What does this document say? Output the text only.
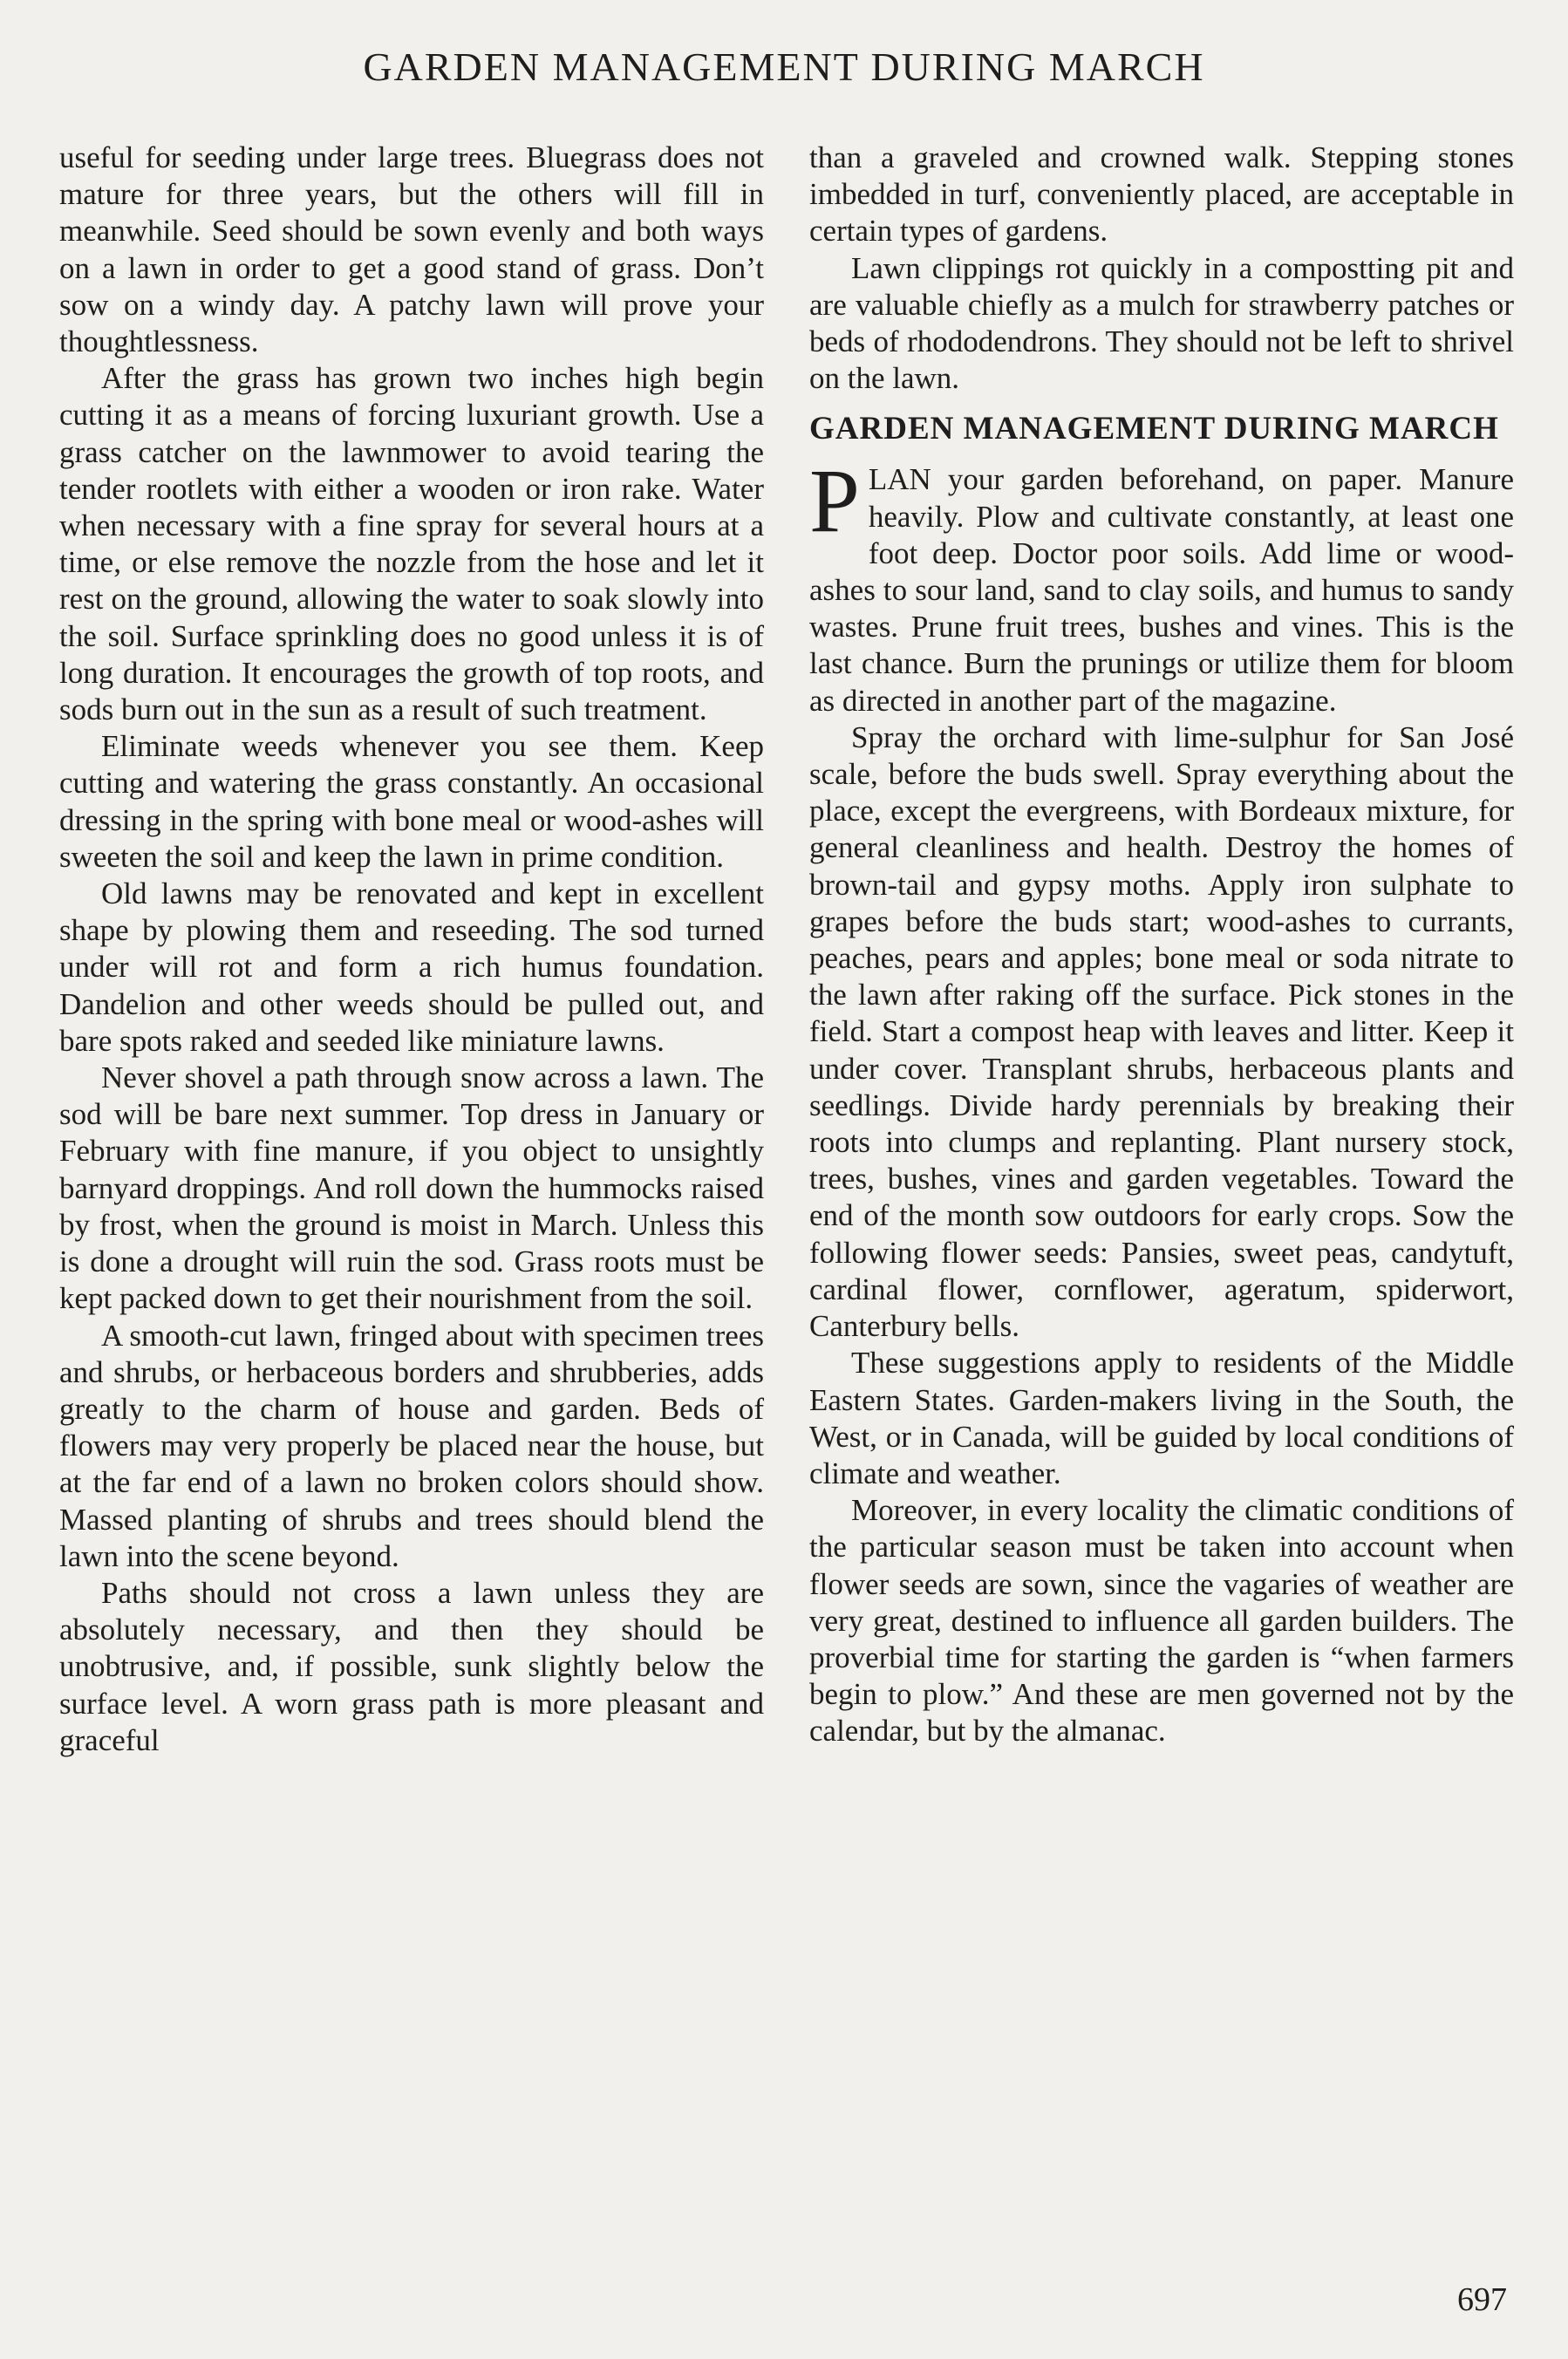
GARDEN MANAGEMENT DURING MARCH

useful for seeding under large trees. Bluegrass does not mature for three years, but the others will fill in meanwhile. Seed should be sown evenly and both ways on a lawn in order to get a good stand of grass. Don’t sow on a windy day. A patchy lawn will prove your thoughtlessness.

After the grass has grown two inches high begin cutting it as a means of forcing luxuriant growth. Use a grass catcher on the lawnmower to avoid tearing the tender rootlets with either a wooden or iron rake. Water when necessary with a fine spray for several hours at a time, or else remove the nozzle from the hose and let it rest on the ground, allowing the water to soak slowly into the soil. Surface sprinkling does no good unless it is of long duration. It encourages the growth of top roots, and sods burn out in the sun as a result of such treatment.

Eliminate weeds whenever you see them. Keep cutting and watering the grass constantly. An occasional dressing in the spring with bone meal or wood-ashes will sweeten the soil and keep the lawn in prime condition.

Old lawns may be renovated and kept in excellent shape by plowing them and reseeding. The sod turned under will rot and form a rich humus foundation. Dandelion and other weeds should be pulled out, and bare spots raked and seeded like miniature lawns.

Never shovel a path through snow across a lawn. The sod will be bare next summer. Top dress in January or February with fine manure, if you object to unsightly barnyard droppings. And roll down the hummocks raised by frost, when the ground is moist in March. Unless this is done a drought will ruin the sod. Grass roots must be kept packed down to get their nourishment from the soil.

A smooth-cut lawn, fringed about with specimen trees and shrubs, or herbaceous borders and shrubberies, adds greatly to the charm of house and garden. Beds of flowers may very properly be placed near the house, but at the far end of a lawn no broken colors should show. Massed planting of shrubs and trees should blend the lawn into the scene beyond.

Paths should not cross a lawn unless they are absolutely necessary, and then they should be unobtrusive, and, if possible, sunk slightly below the surface level. A worn grass path is more pleasant and graceful

than a graveled and crowned walk. Stepping stones imbedded in turf, conveniently placed, are acceptable in certain types of gardens.

Lawn clippings rot quickly in a compostting pit and are valuable chiefly as a mulch for strawberry patches or beds of rhododendrons. They should not be left to shrivel on the lawn.

GARDEN MANAGEMENT DURING MARCH

PLAN your garden beforehand, on paper. Manure heavily. Plow and cultivate constantly, at least one foot deep. Doctor poor soils. Add lime or wood-ashes to sour land, sand to clay soils, and humus to sandy wastes. Prune fruit trees, bushes and vines. This is the last chance. Burn the prunings or utilize them for bloom as directed in another part of the magazine.

Spray the orchard with lime-sulphur for San José scale, before the buds swell. Spray everything about the place, except the evergreens, with Bordeaux mixture, for general cleanliness and health. Destroy the homes of brown-tail and gypsy moths. Apply iron sulphate to grapes before the buds start; wood-ashes to currants, peaches, pears and apples; bone meal or soda nitrate to the lawn after raking off the surface. Pick stones in the field. Start a compost heap with leaves and litter. Keep it under cover. Transplant shrubs, herbaceous plants and seedlings. Divide hardy perennials by breaking their roots into clumps and replanting. Plant nursery stock, trees, bushes, vines and garden vegetables. Toward the end of the month sow outdoors for early crops. Sow the following flower seeds: Pansies, sweet peas, candytuft, cardinal flower, cornflower, ageratum, spiderwort, Canterbury bells.

These suggestions apply to residents of the Middle Eastern States. Garden-makers living in the South, the West, or in Canada, will be guided by local conditions of climate and weather.

Moreover, in every locality the climatic conditions of the particular season must be taken into account when flower seeds are sown, since the vagaries of weather are very great, destined to influence all garden builders. The proverbial time for starting the garden is “when farmers begin to plow.” And these are men governed not by the calendar, but by the almanac.

697
